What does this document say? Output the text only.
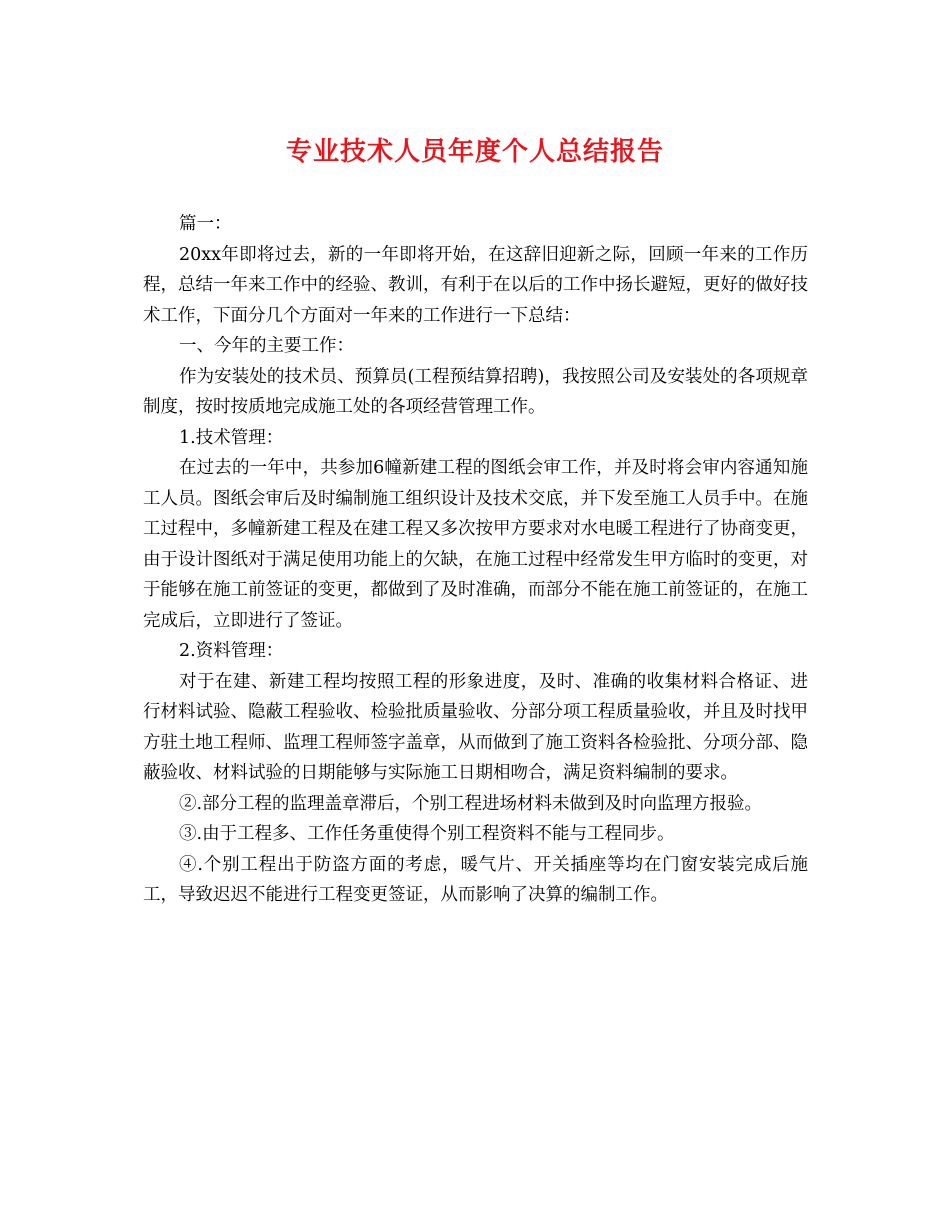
专业技术人员年度个人总结报告

篇一：

20xx年即将过去，新的一年即将开始，在这辞旧迎新之际，回顾一年来的工作历程，总结一年来工作中的经验、教训，有利于在以后的工作中扬长避短，更好的做好技术工作，下面分几个方面对一年来的工作进行一下总结：

一、今年的主要工作：

作为安装处的技术员、预算员(工程预结算招聘)，我按照公司及安装处的各项规章制度，按时按质地完成施工处的各项经营管理工作。

1.技术管理：

在过去的一年中，共参加6幢新建工程的图纸会审工作，并及时将会审内容通知施工人员。图纸会审后及时编制施工组织设计及技术交底，并下发至施工人员手中。在施工过程中，多幢新建工程及在建工程又多次按甲方要求对水电暖工程进行了协商变更，由于设计图纸对于满足使用功能上的欠缺，在施工过程中经常发生甲方临时的变更，对于能够在施工前签证的变更，都做到了及时准确，而部分不能在施工前签证的，在施工完成后，立即进行了签证。

2.资料管理：

对于在建、新建工程均按照工程的形象进度，及时、准确的收集材料合格证、进行材料试验、隐蔽工程验收、检验批质量验收、分部分项工程质量验收，并且及时找甲方驻土地工程师、监理工程师签字盖章，从而做到了施工资料各检验批、分项分部、隐蔽验收、材料试验的日期能够与实际施工日期相吻合，满足资料编制的要求。

②.部分工程的监理盖章滞后，个别工程进场材料未做到及时向监理方报验。

③.由于工程多、工作任务重使得个别工程资料不能与工程同步。

④.个别工程出于防盗方面的考虑，暖气片、开关插座等均在门窗安装完成后施工，导致迟迟不能进行工程变更签证，从而影响了决算的编制工作。
